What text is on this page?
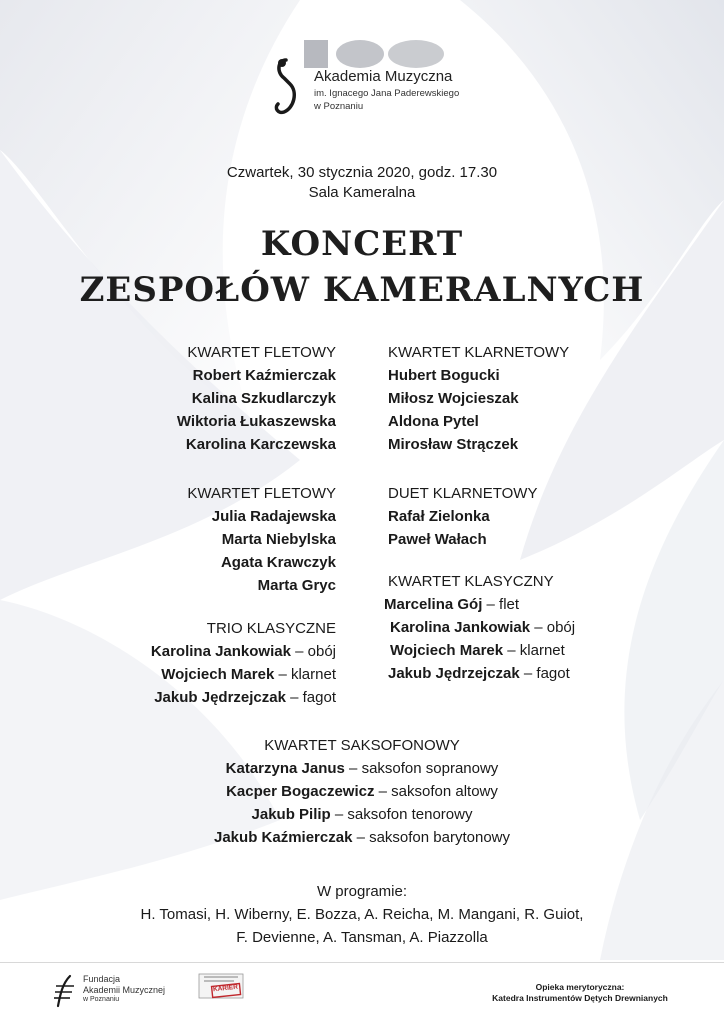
Akademia Muzyczna
im. Ignacego Jana Paderewskiego
w Poznaniu
Czwartek, 30 stycznia 2020, godz. 17.30
Sala Kameralna
KONCERT
ZESPOŁÓW KAMERALNYCH
KWARTET FLETOWY
Robert Kaźmierczak
Kalina Szkudlarczyk
Wiktoria Łukaszewska
Karolina Karczewska
KWARTET FLETOWY
Julia Radajewska
Marta Niebylska
Agata Krawczyk
Marta Gryc
TRIO KLASYCZNE
Karolina Jankowiak – obój
Wojciech Marek – klarnet
Jakub Jędrzejczak – fagot
KWARTET KLARNETOWY
Hubert Bogucki
Miłosz Wojcieszak
Aldona Pytel
Mirosław Strączek
DUET KLARNETOWY
Rafał Zielonka
Paweł Wałach
KWARTET KLASYCZNY
Marcelina Gój – flet
Karolina Jankowiak – obój
Wojciech Marek – klarnet
Jakub Jędrzejczak – fagot
KWARTET SAKSOFONOWY
Katarzyna Janus – saksofon sopranowy
Kacper Bogaczewicz – saksofon altowy
Jakub Pilip – saksofon tenorowy
Jakub Kaźmierczak – saksofon barytonowy
W programie:
H. Tomasi, H. Wiberny, E. Bozza, A. Reicha, M. Mangani, R. Guiot,
F. Devienne, A. Tansman, A. Piazzolla
Fundacja
Akademii Muzycznej
w Poznaniu
KARIER	Opieka merytoryczna:
Katedra Instrumentów Dętych Drewnianych
